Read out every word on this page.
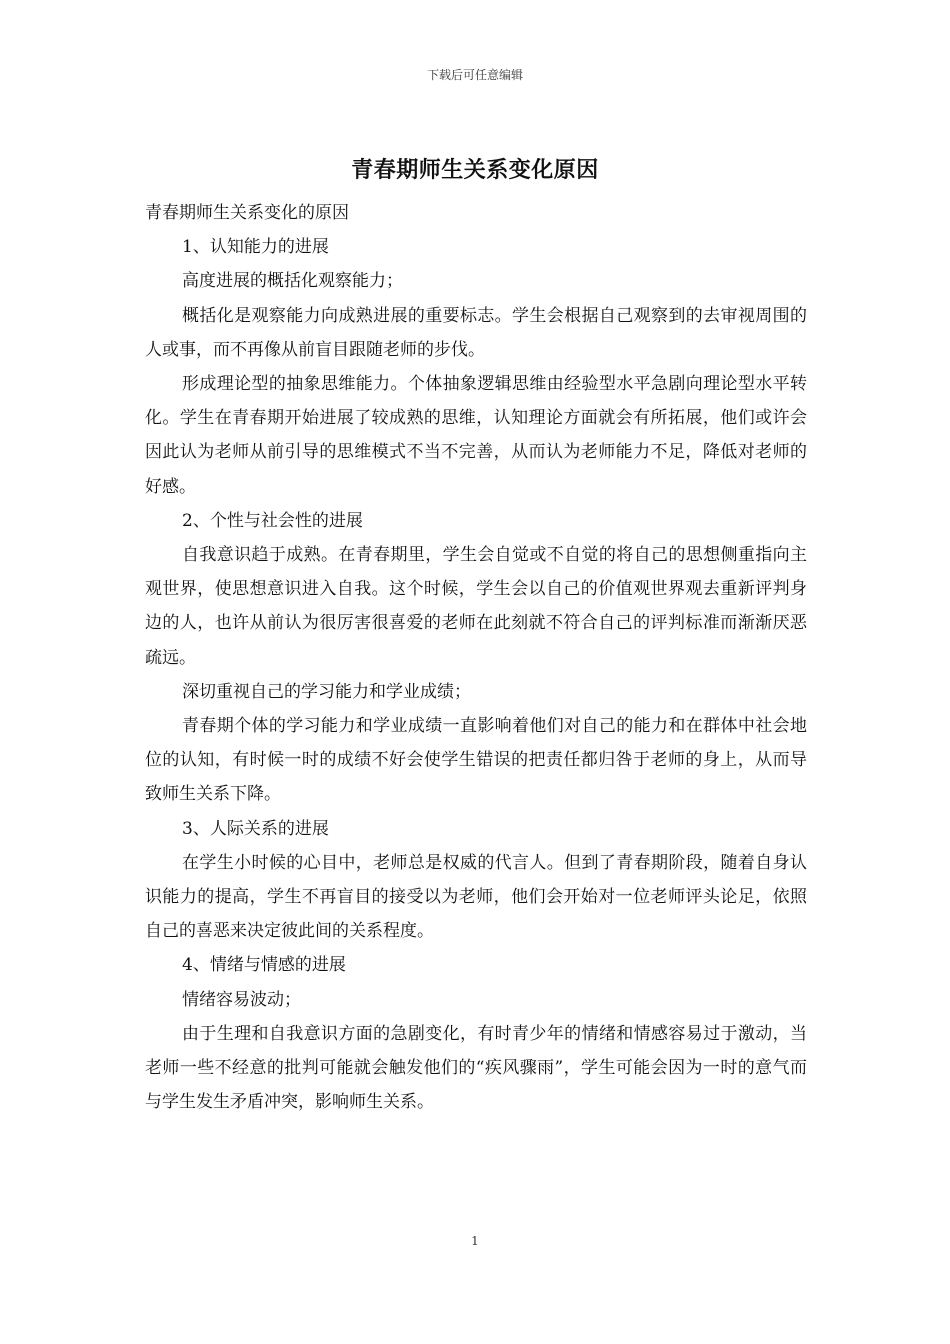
下载后可任意编辑
青春期师生关系变化原因

青春期师生关系变化的原因

1、认知能力的进展

高度进展的概括化观察能力；

概括化是观察能力向成熟进展的重要标志。学生会根据自己观察到的去审视周围的人或事，而不再像从前盲目跟随老师的步伐。

形成理论型的抽象思维能力。个体抽象逻辑思维由经验型水平急剧向理论型水平转化。学生在青春期开始进展了较成熟的思维，认知理论方面就会有所拓展，他们或许会因此认为老师从前引导的思维模式不当不完善，从而认为老师能力不足，降低对老师的好感。

2、个性与社会性的进展

自我意识趋于成熟。在青春期里，学生会自觉或不自觉的将自己的思想侧重指向主观世界，使思想意识进入自我。这个时候，学生会以自己的价值观世界观去重新评判身边的人，也许从前认为很厉害很喜爱的老师在此刻就不符合自己的评判标准而渐渐厌恶疏远。

深切重视自己的学习能力和学业成绩；

青春期个体的学习能力和学业成绩一直影响着他们对自己的能力和在群体中社会地位的认知，有时候一时的成绩不好会使学生错误的把责任都归咎于老师的身上，从而导致师生关系下降。

3、人际关系的进展

在学生小时候的心目中，老师总是权威的代言人。但到了青春期阶段，随着自身认识能力的提高，学生不再盲目的接受以为老师，他们会开始对一位老师评头论足，依照自己的喜恶来决定彼此间的关系程度。

4、情绪与情感的进展

情绪容易波动；

由于生理和自我意识方面的急剧变化，有时青少年的情绪和情感容易过于激动，当老师一些不经意的批判可能就会触发他们的“疾风骤雨”，学生可能会因为一时的意气而与学生发生矛盾冲突，影响师生关系。

1
